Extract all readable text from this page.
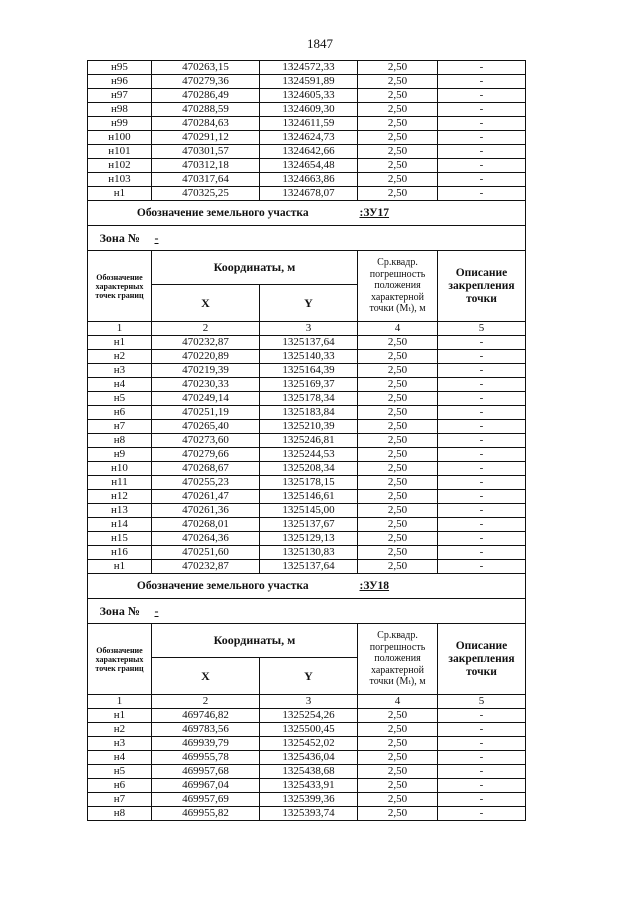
1847
н95	470263,15	1324572,33	2,50	-
н96	470279,36	1324591,89	2,50	-
н97	470286,49	1324605,33	2,50	-
н98	470288,59	1324609,30	2,50	-
н99	470284,63	1324611,59	2,50	-
н100	470291,12	1324624,73	2,50	-
н101	470301,57	1324642,66	2,50	-
н102	470312,18	1324654,48	2,50	-
н103	470317,64	1324663,86	2,50	-
н1	470325,25	1324678,07	2,50	-
Обозначение земельного участка			:ЗУ17	
Зона №	-			
Обозначение характерных точек границ	Координаты, м		Ср.квадр. погрешность положения характерной точки (Mₜ), м	Описание закрепления точки
	X	Y		
1	2	3	4	5
н1	470232,87	1325137,64	2,50	-
н2	470220,89	1325140,33	2,50	-
н3	470219,39	1325164,39	2,50	-
н4	470230,33	1325169,37	2,50	-
н5	470249,14	1325178,34	2,50	-
н6	470251,19	1325183,84	2,50	-
н7	470265,40	1325210,39	2,50	-
н8	470273,60	1325246,81	2,50	-
н9	470279,66	1325244,53	2,50	-
н10	470268,67	1325208,34	2,50	-
н11	470255,23	1325178,15	2,50	-
н12	470261,47	1325146,61	2,50	-
н13	470261,36	1325145,00	2,50	-
н14	470268,01	1325137,67	2,50	-
н15	470264,36	1325129,13	2,50	-
н16	470251,60	1325130,83	2,50	-
н1	470232,87	1325137,64	2,50	-
Обозначение земельного участка			:ЗУ18	
Зона №	-			
Обозначение характерных точек границ	Координаты, м		Ср.квадр. погрешность положения характерной точки (Mₜ), м	Описание закрепления точки
	X	Y		
1	2	3	4	5
н1	469746,82	1325254,26	2,50	-
н2	469783,56	1325500,45	2,50	-
н3	469939,79	1325452,02	2,50	-
н4	469955,78	1325436,04	2,50	-
н5	469957,68	1325438,68	2,50	-
н6	469967,04	1325433,91	2,50	-
н7	469957,69	1325399,36	2,50	-
н8	469955,82	1325393,74	2,50	-
